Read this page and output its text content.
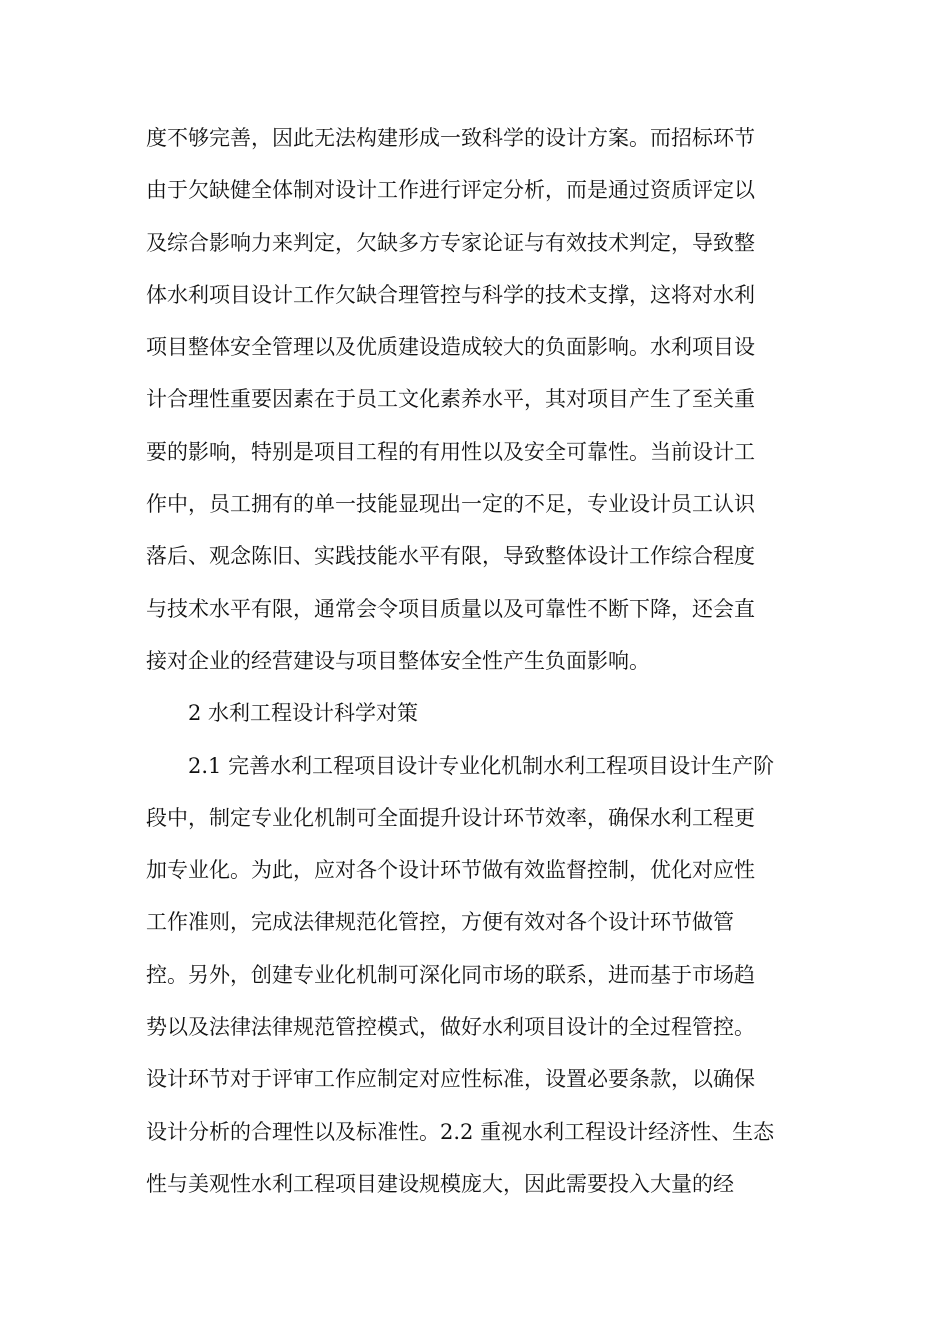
度不够完善，因此无法构建形成一致科学的设计方案。而招标环节
由于欠缺健全体制对设计工作进行评定分析，而是通过资质评定以
及综合影响力来判定，欠缺多方专家论证与有效技术判定，导致整
体水利项目设计工作欠缺合理管控与科学的技术支撑，这将对水利
项目整体安全管理以及优质建设造成较大的负面影响。水利项目设
计合理性重要因素在于员工文化素养水平，其对项目产生了至关重
要的影响，特别是项目工程的有用性以及安全可靠性。当前设计工
作中，员工拥有的单一技能显现出一定的不足，专业设计员工认识
落后、观念陈旧、实践技能水平有限，导致整体设计工作综合程度
与技术水平有限，通常会令项目质量以及可靠性不断下降，还会直
接对企业的经营建设与项目整体安全性产生负面影响。
2 水利工程设计科学对策
2.1 完善水利工程项目设计专业化机制水利工程项目设计生产阶
段中，制定专业化机制可全面提升设计环节效率，确保水利工程更
加专业化。为此，应对各个设计环节做有效监督控制，优化对应性
工作准则，完成法律规范化管控，方便有效对各个设计环节做管
控。另外，创建专业化机制可深化同市场的联系，进而基于市场趋
势以及法律法律规范管控模式，做好水利项目设计的全过程管控。
设计环节对于评审工作应制定对应性标准，设置必要条款，以确保
设计分析的合理性以及标准性。2.2 重视水利工程设计经济性、生态
性与美观性水利工程项目建设规模庞大，因此需要投入大量的经
